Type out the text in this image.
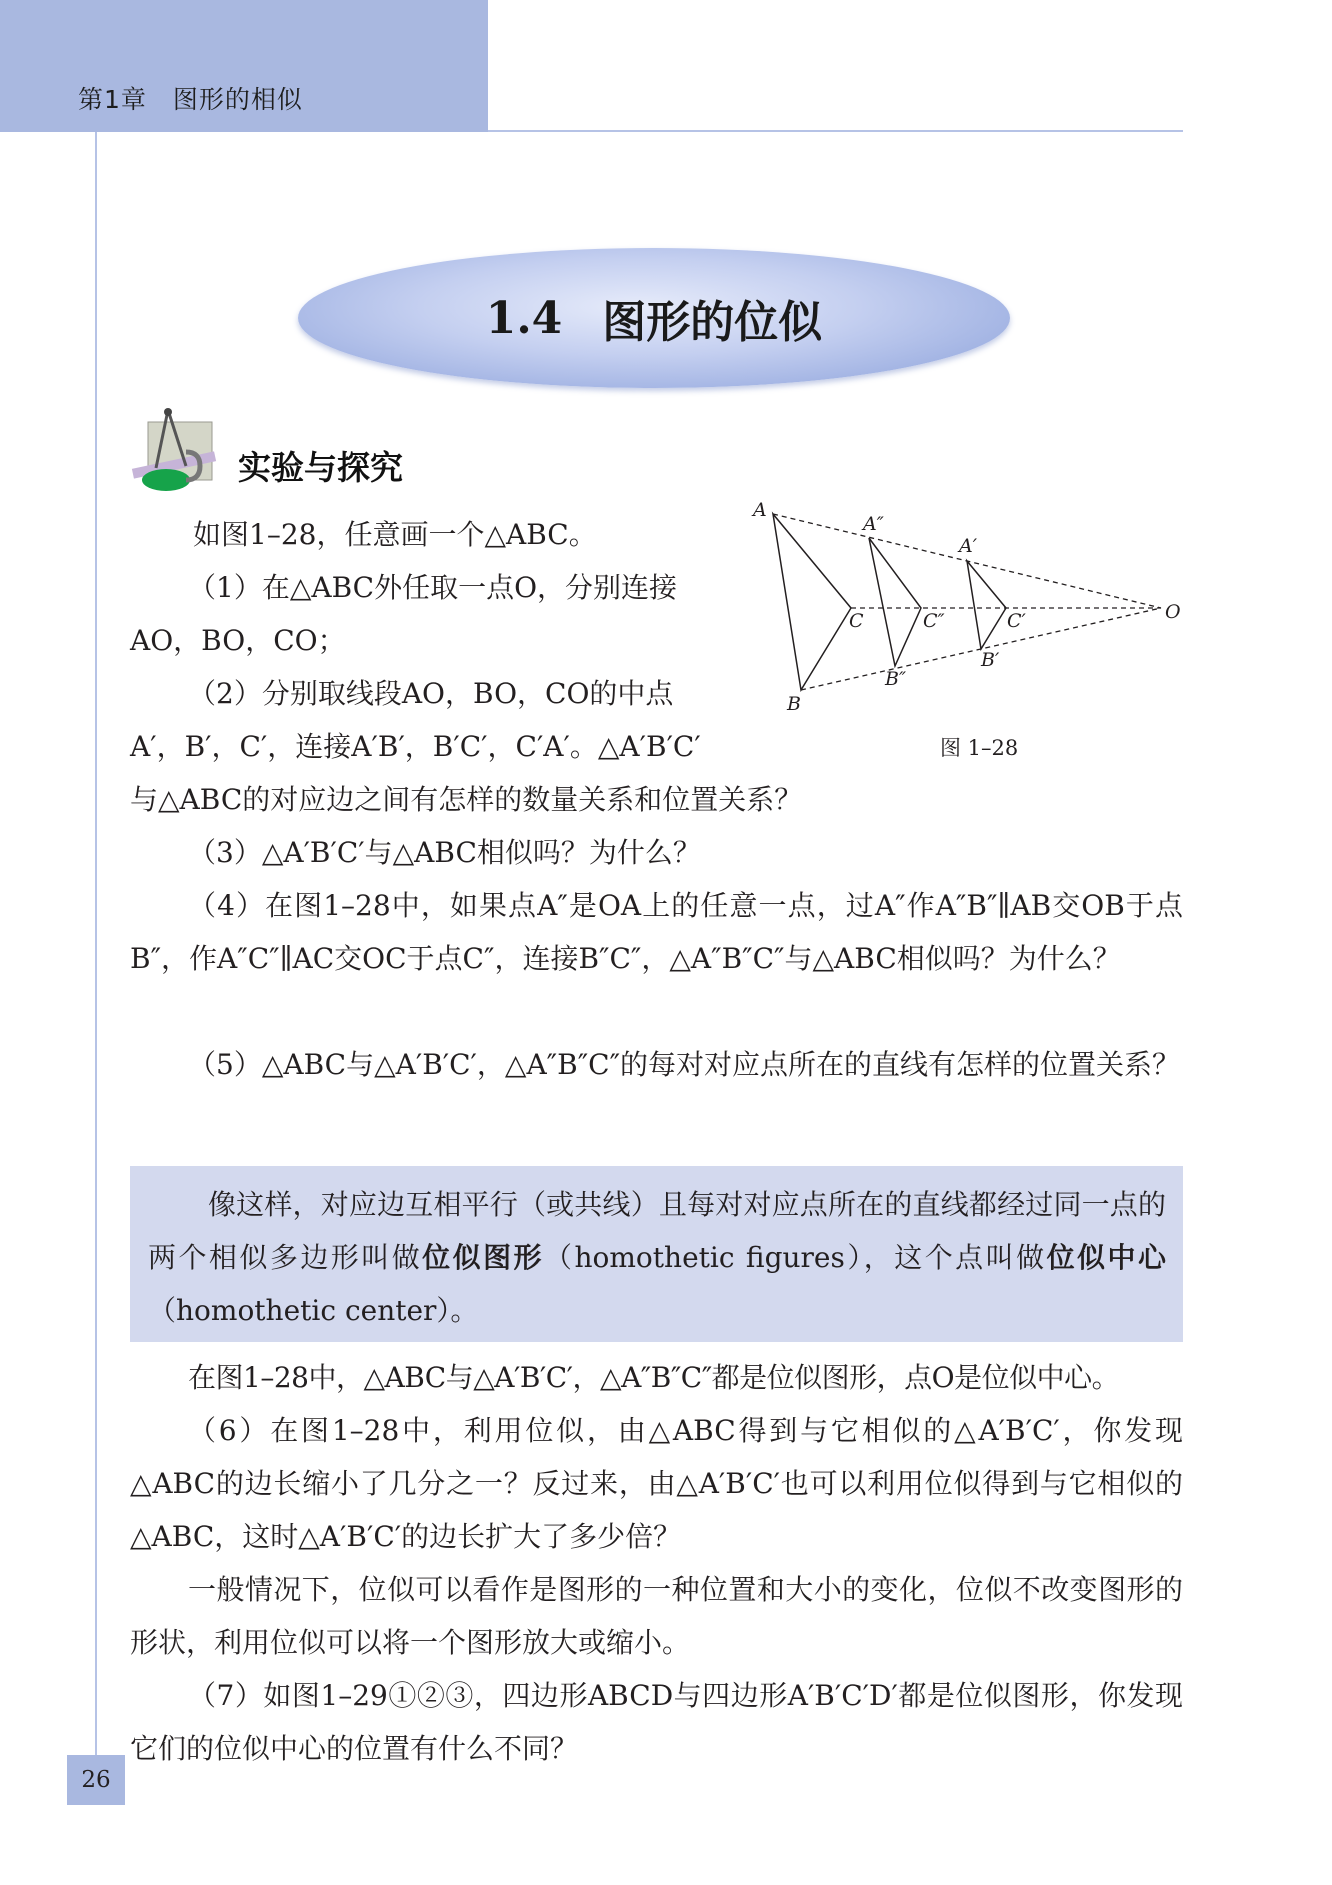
第1章　图形的相似
1.4 图形的位似
实验与探究
A
A″
A′
C	C″	C′
B′
B″
B
O
图 1–28

如图1–28，任意画一个△ABC。

（1）在△ABC外任取一点O，分别连接

AO，BO，CO；

（2）分别取线段AO，BO，CO的中点

A′，B′，C′，连接A′B′，B′C′，C′A′。△A′B′C′

与△ABC的对应边之间有怎样的数量关系和位置关系？

（3）△A′B′C′与△ABC相似吗？为什么？

（4）在图1–28中，如果点A″是OA上的任意一点，过A″作A″B″∥AB交OB于点B″，作A″C″∥AC交OC于点C″，连接B″C″，△A″B″C″与△ABC相似吗？为什么？

（5）△ABC与△A′B′C′，△A″B″C″的每对对应点所在的直线有怎样的位置关系？

像这样，对应边互相平行（或共线）且每对对应点所在的直线都经过同一点的两个相似多边形叫做位似图形（homothetic figures），这个点叫做位似中心（homothetic center）。

在图1–28中，△ABC与△A′B′C′，△A″B″C″都是位似图形，点O是位似中心。

（6）在图1–28中，利用位似，由△ABC得到与它相似的△A′B′C′，你发现△ABC的边长缩小了几分之一？反过来，由△A′B′C′也可以利用位似得到与它相似的△ABC，这时△A′B′C′的边长扩大了多少倍？

一般情况下，位似可以看作是图形的一种位置和大小的变化，位似不改变图形的形状，利用位似可以将一个图形放大或缩小。

（7）如图1–29①②③，四边形ABCD与四边形A′B′C′D′都是位似图形，你发现它们的位似中心的位置有什么不同？

26
